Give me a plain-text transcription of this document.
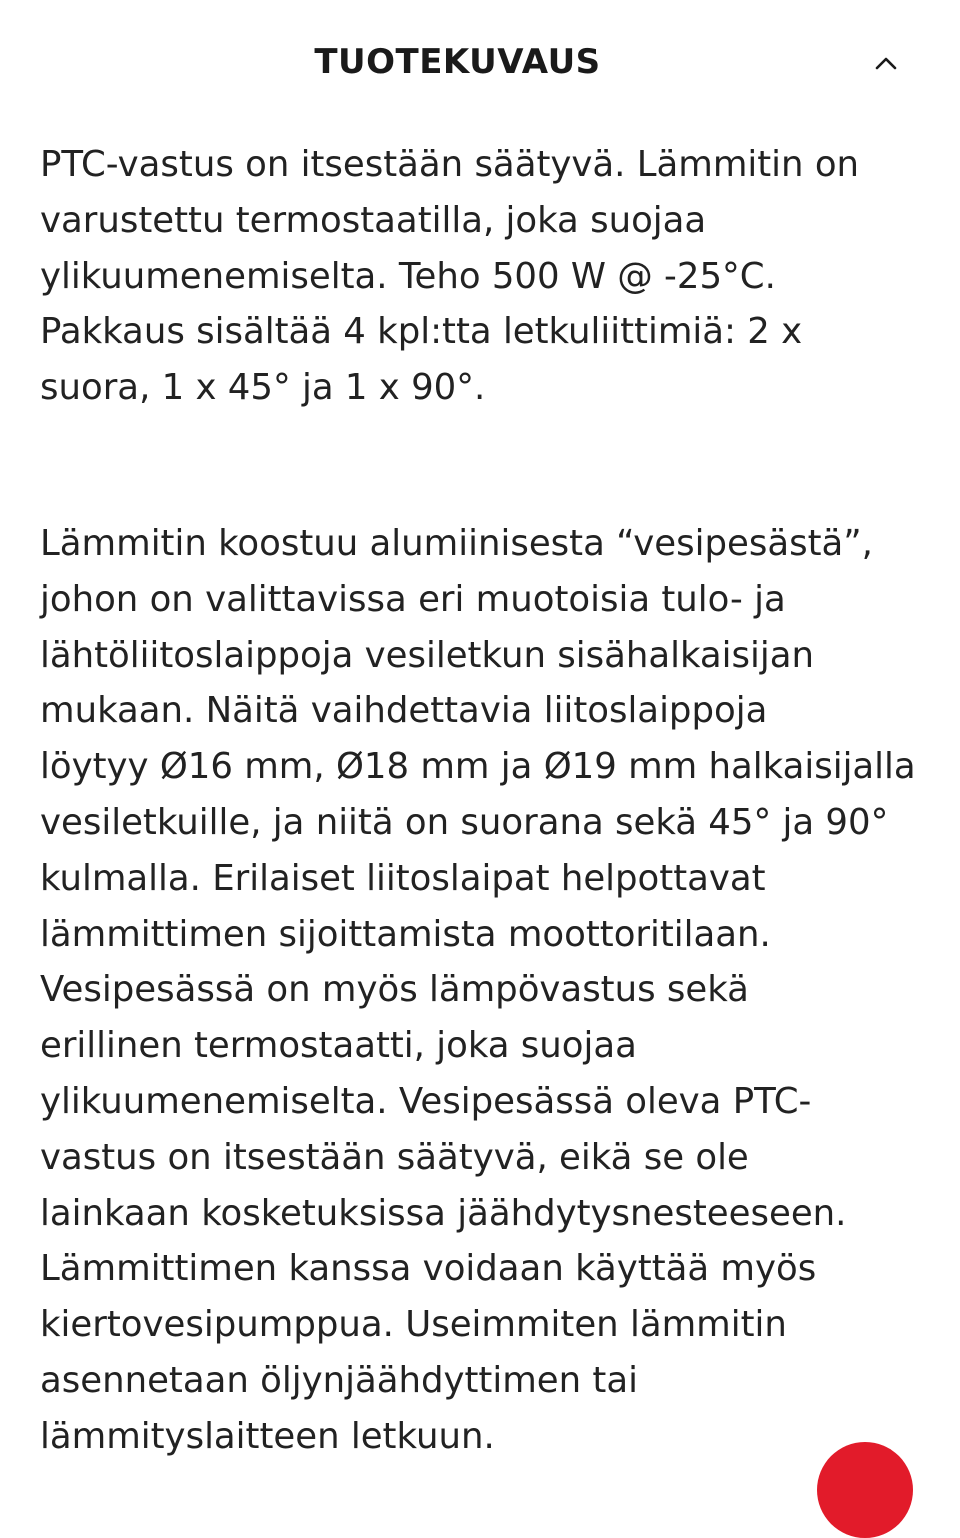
TUOTEKUVAUS

PTC-vastus on itsestään säätyvä. Lämmitin on
varustettu termostaatilla, joka suojaa
ylikuumenemiselta. Teho 500 W @ -25°C.
Pakkaus sisältää 4 kpl:tta letkuliittimiä: 2 x
suora, 1 x 45° ja 1 x 90°.

Lämmitin koostuu alumiinisesta “vesipesästä”,
johon on valittavissa eri muotoisia tulo- ja
lähtöliitoslaippoja vesiletkun sisähalkaisijan
mukaan. Näitä vaihdettavia liitoslaippoja
löytyy Ø16 mm, Ø18 mm ja Ø19 mm halkaisijalla
vesiletkuille, ja niitä on suorana sekä 45° ja 90°
kulmalla. Erilaiset liitoslaipat helpottavat
lämmittimen sijoittamista moottoritilaan.
Vesipesässä on myös lämpövastus sekä
erillinen termostaatti, joka suojaa
ylikuumenemiselta. Vesipesässä oleva PTC-
vastus on itsestään säätyvä, eikä se ole
lainkaan kosketuksissa jäähdytysnesteeseen.
Lämmittimen kanssa voidaan käyttää myös
kiertovesipumppua. Useimmiten lämmitin
asennetaan öljynjäähdyttimen tai
lämmityslaitteen letkuun.
